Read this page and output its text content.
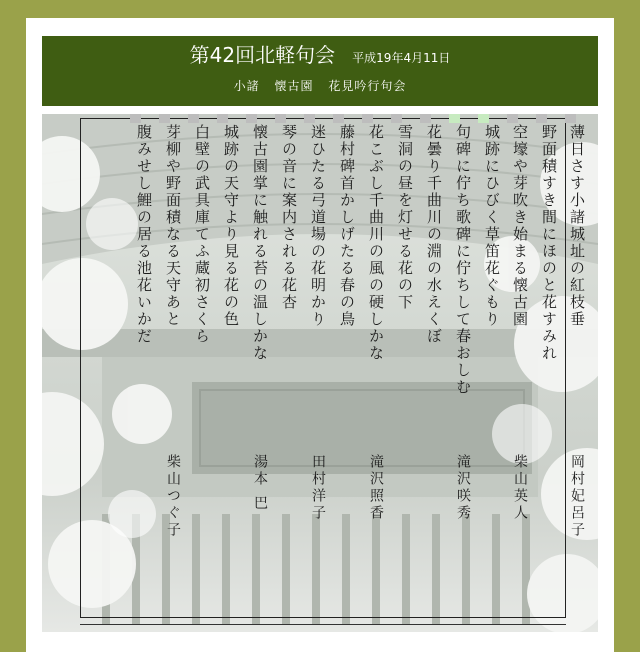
第42回北軽句会 平成19年4月11日
小諸 懐古園 花見吟行句会
薄日さす小諸城址の紅枝垂
野面積すき間にほのと花すみれ
岡村妃呂子
空壕や芽吹き始まる懐古園
城跡にひびく草笛花ぐもり
柴山英人
句碑に佇ち歌碑に佇ちして春おしむ
花曇り千曲川の淵の水えくぼ
滝沢咲秀
雪洞の昼を灯せる花の下
花こぶし千曲川の風の硬しかな
滝沢照香
藤村碑首かしげたる春の鳥
迷ひたる弓道場の花明かり
田村洋子
琴の音に案内される花杏
懐古園掌に触れる苔の温しかな
湯本 巴
城跡の天守より見る花の色
白壁の武具庫てふ蔵初さくら
芽柳や野面積なる天守あと
腹みせし鯉の居る池花いかだ
柴山つぐ子
